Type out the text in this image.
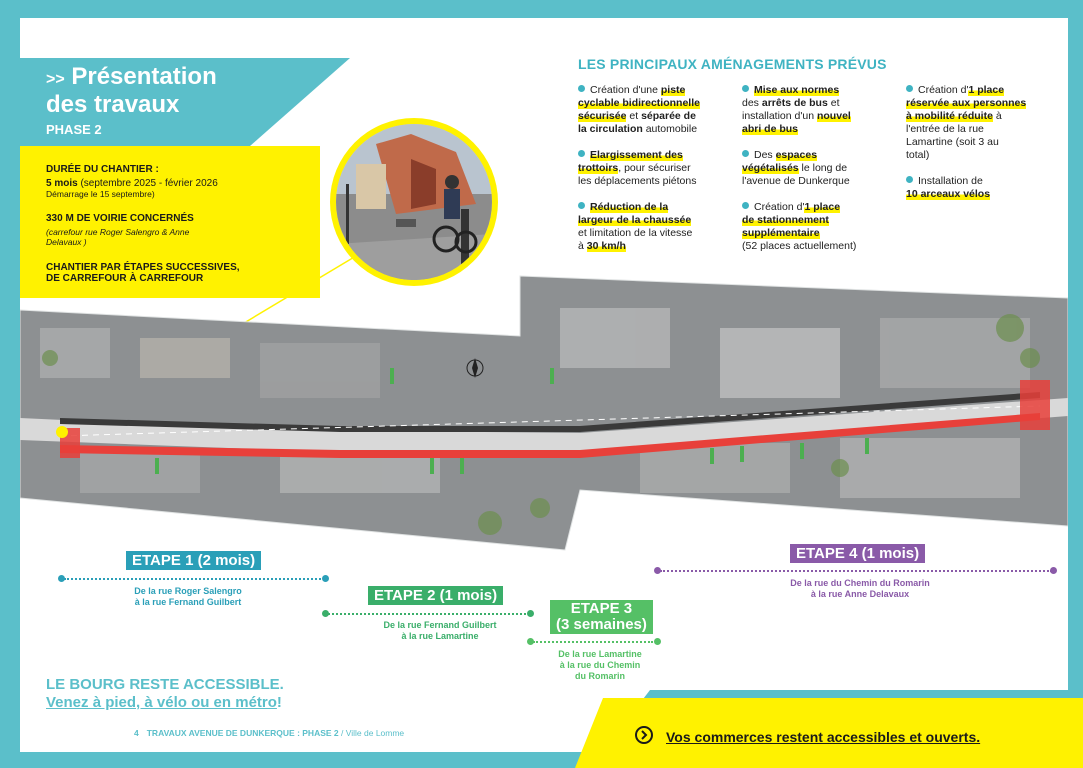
>> Présentation
des travaux
PHASE 2
DURÉE DU CHANTIER :
5 mois (septembre 2025 - février 2026
Démarrage le 15 septembre)
330 M DE VOIRIE CONCERNÉS
(carrefour rue Roger Salengro & Anne
Delavaux )
CHANTIER PAR ÉTAPES SUCCESSIVES,
DE CARREFOUR À CARREFOUR
LES PRINCIPAUX AMÉNAGEMENTS PRÉVUS

Création d'une piste
cyclable bidirectionnelle
sécurisée et séparée de
la circulation automobile

Elargissement des
trottoirs, pour sécuriser
les déplacements piétons

Réduction de la
largeur de la chaussée
et limitation de la vitesse
à 30 km/h

Mise aux normes
des arrêts de bus et
installation d'un nouvel
abri de bus

Des espaces
végétalisés le long de
l'avenue de Dunkerque

Création d'1 place
de stationnement
supplémentaire
(52 places actuellement)

Création d'1 place
réservée aux personnes
à mobilité réduite à
l'entrée de la rue
Lamartine (soit 3 au
total)

Installation de
10 arceaux vélos

ETAPE 1 (2 mois)
De la rue Roger Salengro
à la rue Fernand Guilbert	ETAPE 2 (1 mois)
De la rue Fernand Guilbert
à la rue Lamartine
ETAPE 3
(3 semaines)
De la rue Lamartine
à la rue du Chemin
du Romarin
ETAPE 4 (1 mois)
De la rue du Chemin du Romarin
à la rue Anne Delavaux
LE BOURG RESTE ACCESSIBLE.
Venez à pied, à vélo ou en métro!
4 TRAVAUX AVENUE DE DUNKERQUE : PHASE 2 / Ville de Lomme	Vos commerces restent accessibles et ouverts.
